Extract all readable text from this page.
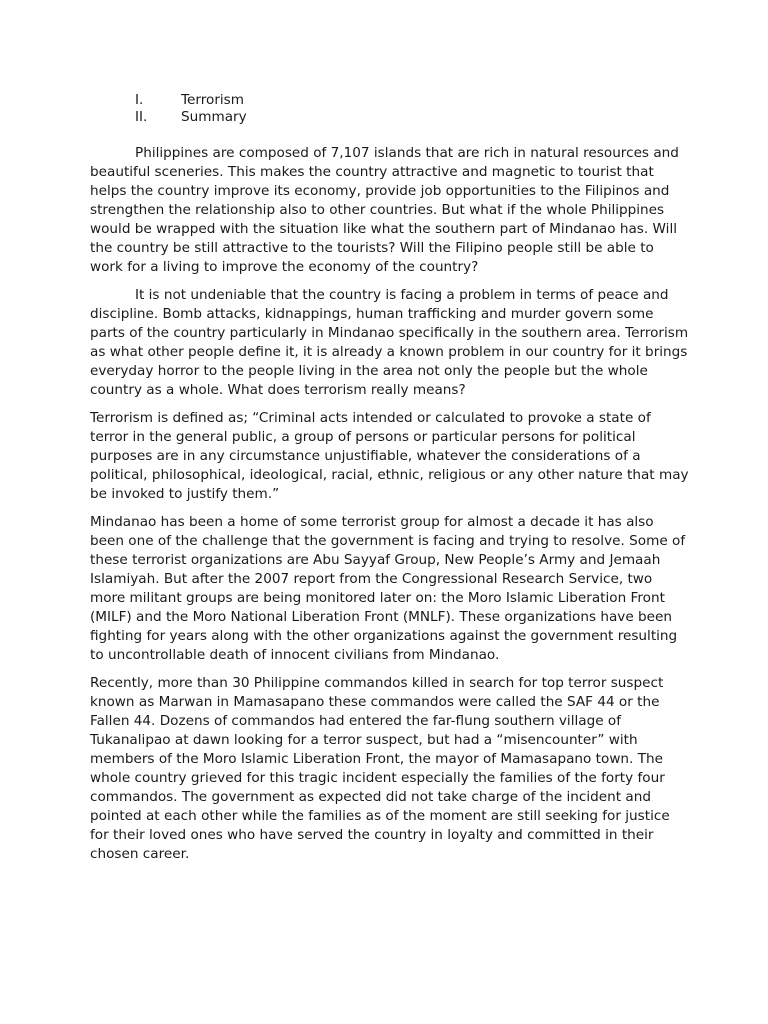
I.	Terrorism
II.	Summary

Philippines are composed of 7,107 islands that are rich in natural resources and beautiful sceneries. This makes the country attractive and magnetic to tourist that helps the country improve its economy, provide job opportunities to the Filipinos and strengthen the relationship also to other countries. But what if the whole Philippines would be wrapped with the situation like what the southern part of Mindanao has. Will the country be still attractive to the tourists? Will the Filipino people still be able to work for a living to improve the economy of the country?

It is not undeniable that the country is facing a problem in terms of peace and discipline. Bomb attacks, kidnappings, human trafficking and murder govern some parts of the country particularly in Mindanao specifically in the southern area. Terrorism as what other people define it, it is already a known problem in our country for it brings everyday horror to the people living in the area not only the people but the whole country as a whole. What does terrorism really means?

Terrorism is defined as; “Criminal acts intended or calculated to provoke a state of terror in the general public, a group of persons or particular persons for political purposes are in any circumstance unjustifiable, whatever the considerations of a political, philosophical, ideological, racial, ethnic, religious or any other nature that may be invoked to justify them.”

Mindanao has been a home of some terrorist group for almost a decade it has also been one of the challenge that the government is facing and trying to resolve. Some of these terrorist organizations are Abu Sayyaf Group, New People’s Army and Jemaah Islamiyah. But after the 2007 report from the Congressional Research Service, two more militant groups are being monitored later on: the Moro Islamic Liberation Front (MILF) and the Moro National Liberation Front (MNLF). These organizations have been fighting for years along with the other organizations against the government resulting to uncontrollable death of innocent civilians from Mindanao.

Recently, more than 30 Philippine commandos killed in search for top terror suspect known as Marwan in Mamasapano these commandos were called the SAF 44 or the Fallen 44. Dozens of commandos had entered the far-flung southern village of Tukanalipao at dawn looking for a terror suspect, but had a “misencounter” with members of the Moro Islamic Liberation Front, the mayor of Mamasapano town. The whole country grieved for this tragic incident especially the families of the forty four commandos. The government as expected did not take charge of the incident and pointed at each other while the families as of the moment are still seeking for justice for their loved ones who have served the country in loyalty and committed in their chosen career.
